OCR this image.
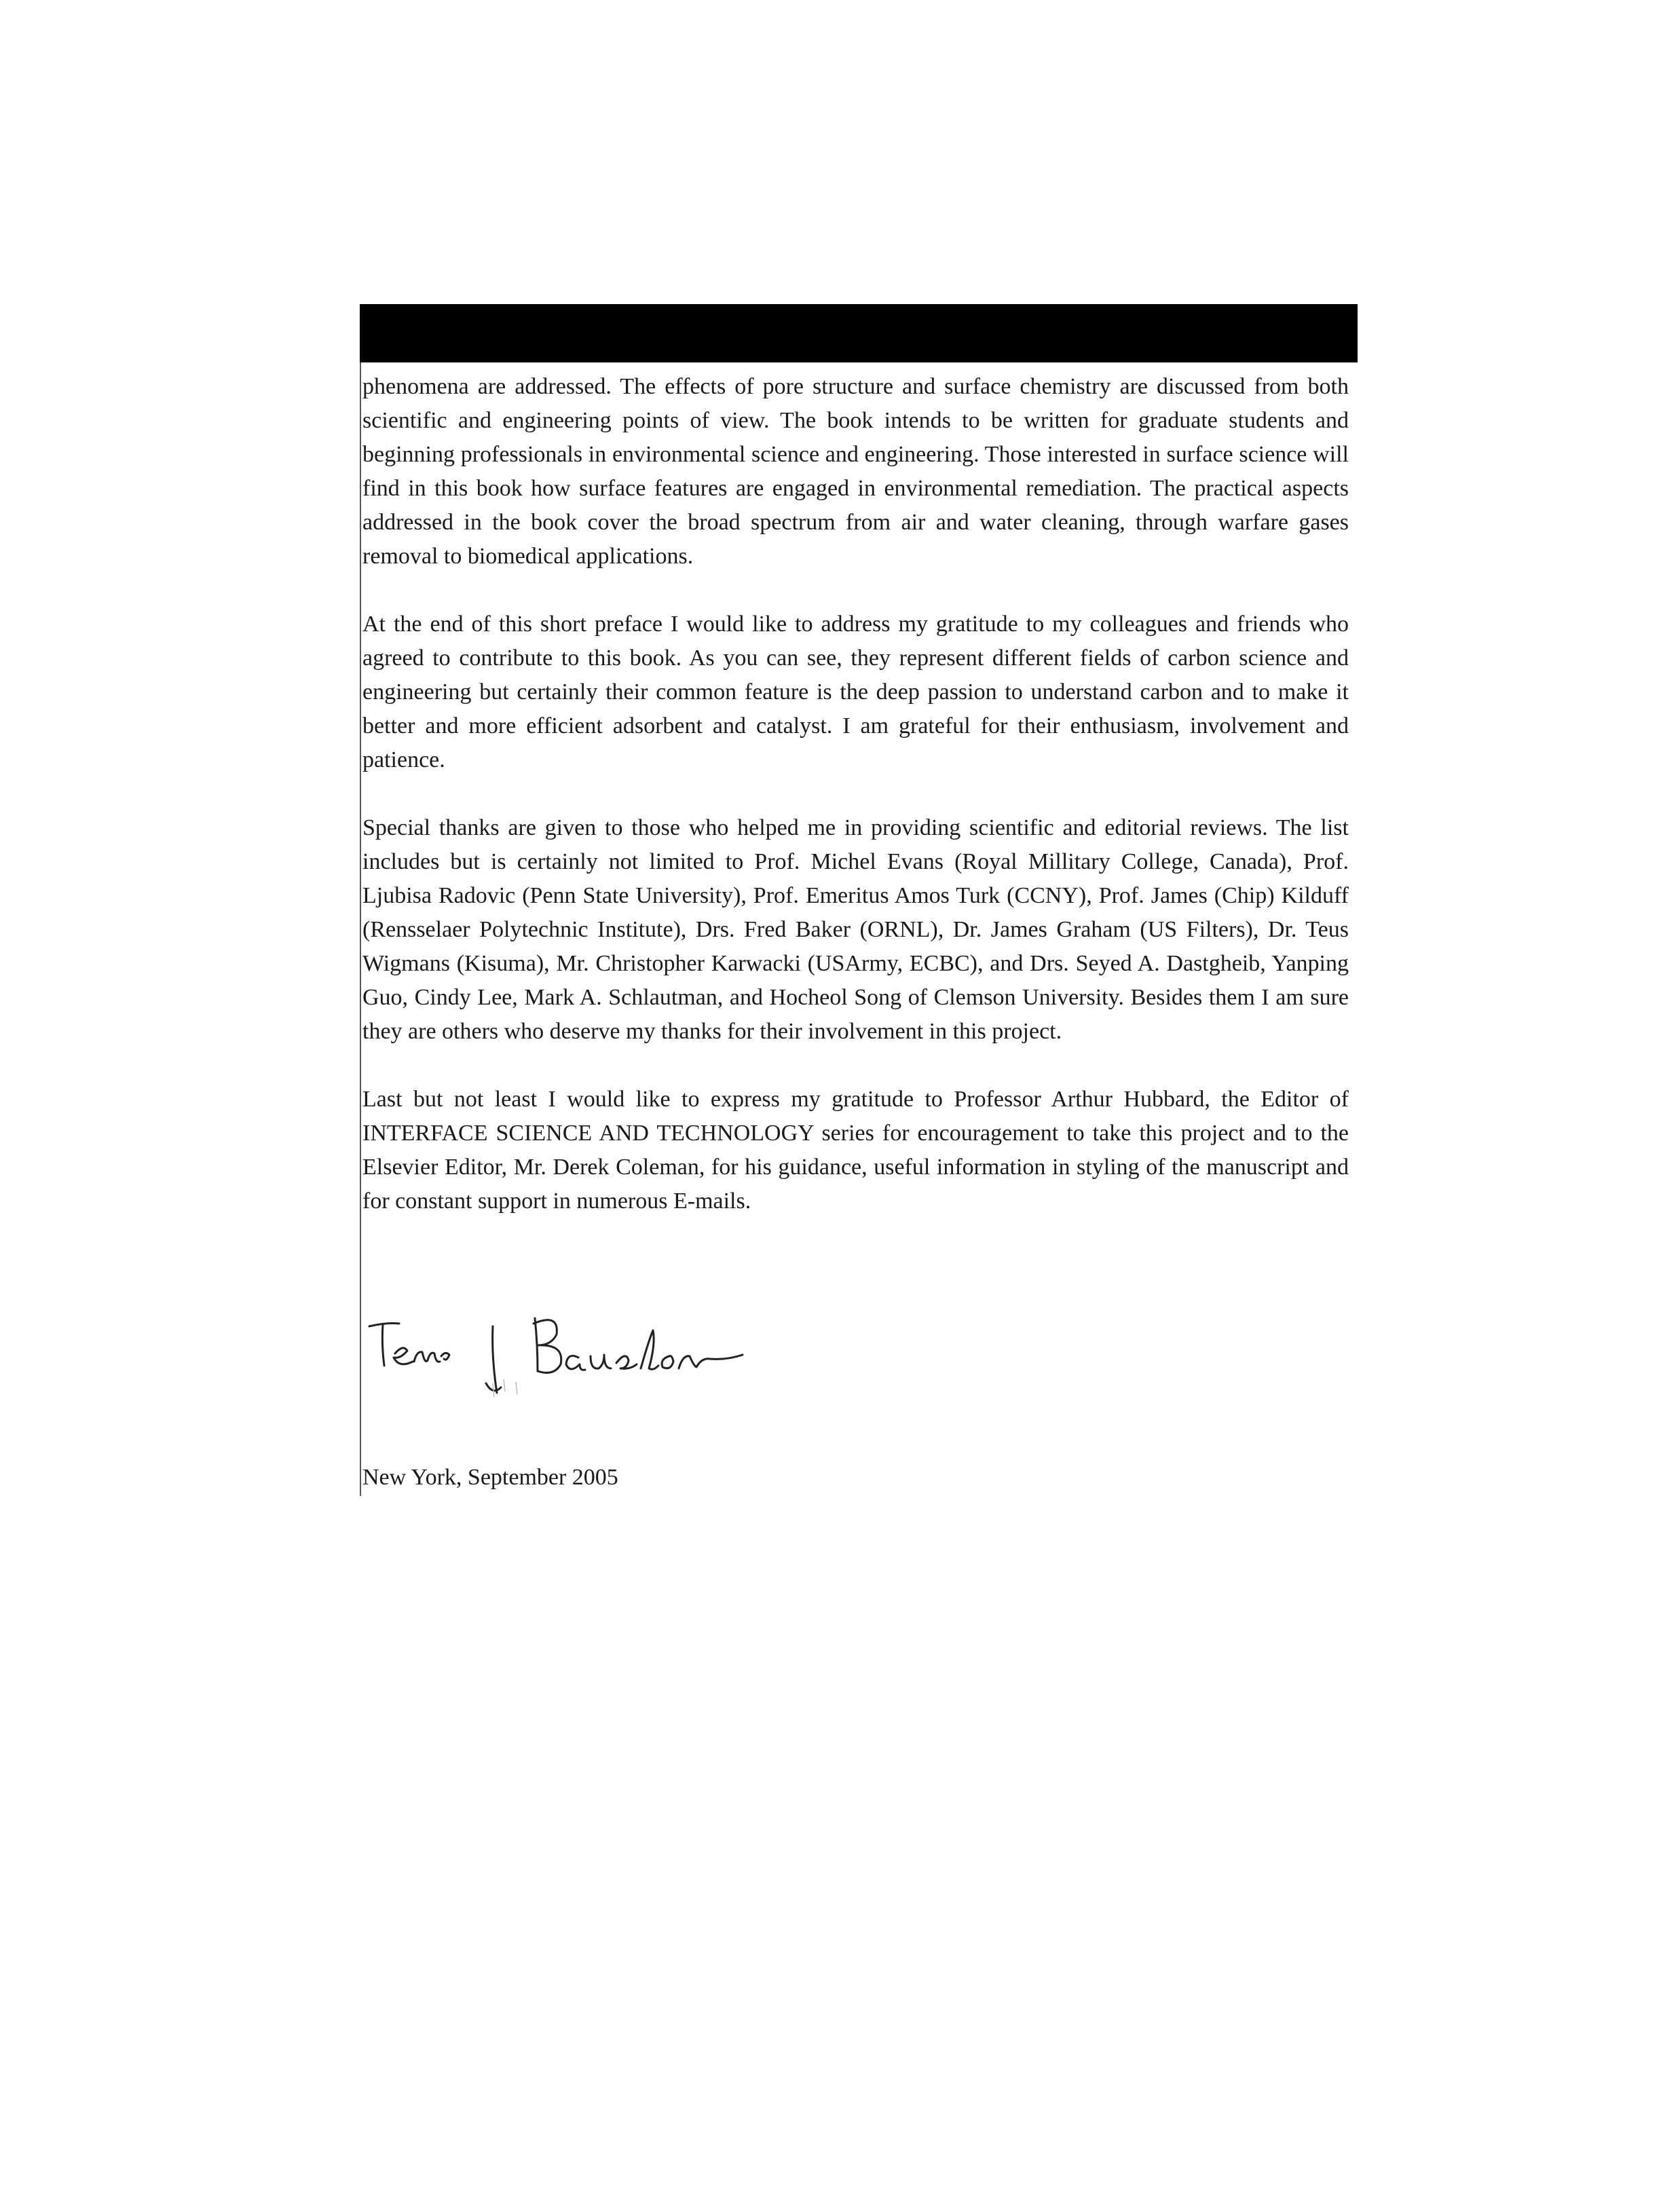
phenomena are addressed. The effects of pore structure and surface chemistry are discussed from both scientific and engineering points of view. The book intends to be written for graduate students and beginning professionals in environmental science and engineering. Those interested in surface science will find in this book how surface features are engaged in environmental remediation. The practical aspects addressed in the book cover the broad spectrum from air and water cleaning, through warfare gases removal to biomedical applications.

At the end of this short preface I would like to address my gratitude to my colleagues and friends who agreed to contribute to this book. As you can see, they represent different fields of carbon science and engineering but certainly their common feature is the deep passion to understand carbon and to make it better and more efficient adsorbent and catalyst. I am grateful for their enthusiasm, involvement and patience.

Special thanks are given to those who helped me in providing scientific and editorial reviews. The list includes but is certainly not limited to Prof. Michel Evans (Royal Millitary College, Canada), Prof. Ljubisa Radovic (Penn State University), Prof. Emeritus Amos Turk (CCNY), Prof. James (Chip) Kilduff (Rensselaer Polytechnic Institute), Drs. Fred Baker (ORNL), Dr. James Graham (US Filters), Dr. Teus Wigmans (Kisuma), Mr. Christopher Karwacki (USArmy, ECBC), and Drs. Seyed A. Dastgheib, Yanping Guo, Cindy Lee, Mark A. Schlautman, and Hocheol Song of Clemson University. Besides them I am sure they are others who deserve my thanks for their involvement in this project.

Last but not least I would like to express my gratitude to Professor Arthur Hubbard, the Editor of INTERFACE SCIENCE AND TECHNOLOGY series for encouragement to take this project and to the Elsevier Editor, Mr. Derek Coleman, for his guidance, useful information in styling of the manuscript and for constant support in numerous E-mails.

New York, September 2005
